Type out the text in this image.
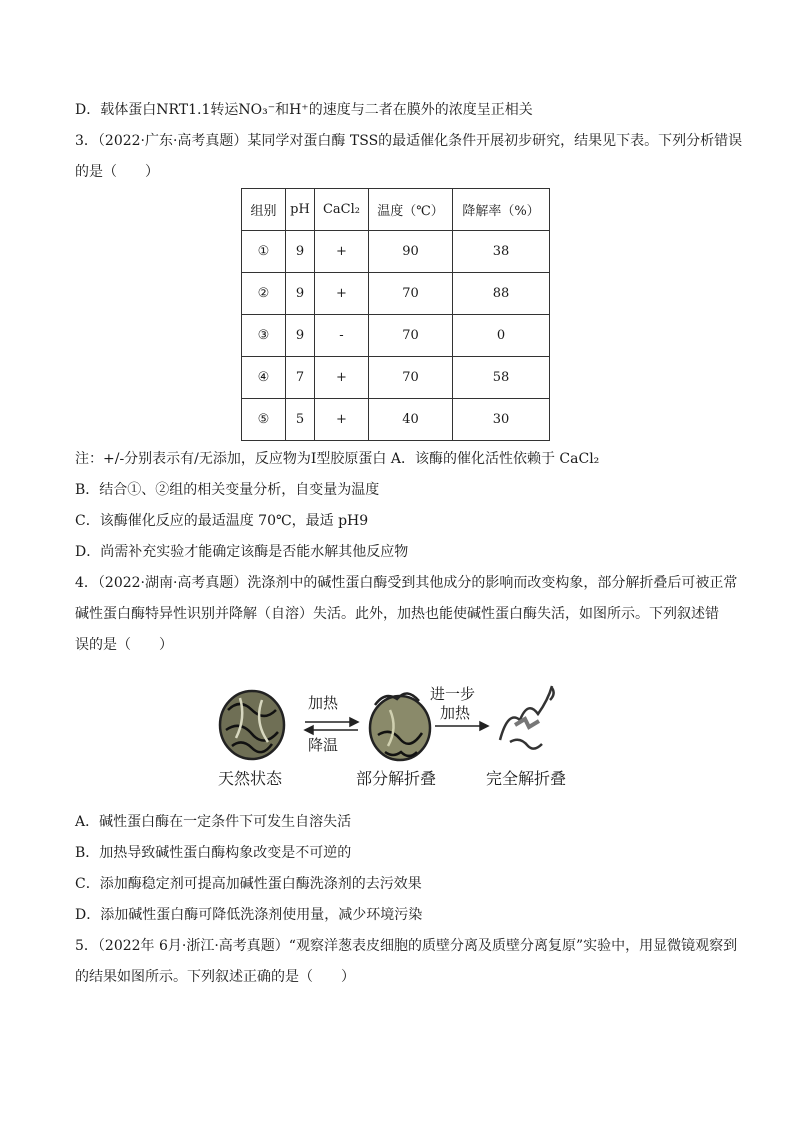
D．载体蛋白NRT1.1转运NO₃⁻和H⁺的速度与二者在膜外的浓度呈正相关
3．（2022·广东·高考真题）某同学对蛋白酶 TSS的最适催化条件开展初步研究，结果见下表。下列分析错误
的是（　　）
组别	pH	CaCl₂	温度（℃）	降解率（%）
①	9	+	90	38
②	9	+	70	88
③	9	-	70	0
④	7	+	70	58
⑤	5	+	40	30
注：+/-分别表示有/无添加，反应物为Ⅰ型胶原蛋白 A．该酶的催化活性依赖于 CaCl₂
B．结合①、②组的相关变量分析，自变量为温度
C．该酶催化反应的最适温度 70℃，最适 pH9
D．尚需补充实验才能确定该酶是否能水解其他反应物
4．（2022·湖南·高考真题）洗涤剂中的碱性蛋白酶受到其他成分的影响而改变构象，部分解折叠后可被正常
碱性蛋白酶特异性识别并降解（自溶）失活。此外，加热也能使碱性蛋白酶失活，如图所示。下列叙述错
误的是（　　）
加热
降温
进一步
加热
天然状态	部分解折叠	完全解折叠
A．碱性蛋白酶在一定条件下可发生自溶失活
B．加热导致碱性蛋白酶构象改变是不可逆的
C．添加酶稳定剂可提高加碱性蛋白酶洗涤剂的去污效果
D．添加碱性蛋白酶可降低洗涤剂使用量，减少环境污染
5．（2022年 6月·浙江·高考真题）“观察洋葱表皮细胞的质壁分离及质壁分离复原”实验中，用显微镜观察到
的结果如图所示。下列叙述正确的是（　　）
